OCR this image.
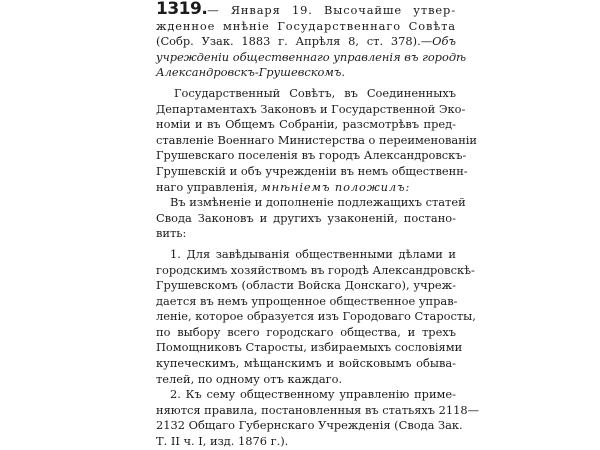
1319.— Января 19. Высочайше утвер-
жденное мнѣніе Государственнаго Совѣта
(Собр. Узак. 1883 г. Апрѣля 8, ст. 378).—Объ
учрежденіи общественнаго управленія въ городѣ
Александровскъ-Грушевскомъ.
Государственный Совѣтъ, въ Соединенныхъ
Департаментахъ Законовъ и Государственной Эко-
номіи и въ Общемъ Собраніи, разсмотрѣвъ пред-
ставленіе Военнаго Министерства о переименованіи
Грушевскаго поселенія въ городъ Александровскъ-
Грушевскій и объ учрежденіи въ немъ общественн-
наго управленія, мнѣніемъ положилъ:
Въ измѣненіе и дополненіе подлежащихъ статей
Свода Законовъ и другихъ узаконеній, постано-
вить:
1. Для завѣдыванія общественными дѣлами и
городскимъ хозяйствомъ въ городѣ Александровскѣ-
Грушевскомъ (области Войска Донскаго), учреж-
дается въ немъ упрощенное общественное управ-
леніе, которое образуется изъ Городоваго Старосты,
по выбору всего городскаго общества, и трехъ
Помощниковъ Старосты, избираемыхъ сословіями
купеческимъ, мѣщанскимъ и войсковымъ обыва-
телей, по одному отъ каждаго.
2. Къ сему общественному управленію приме-
няются правила, постановленныя въ статьяхъ 2118—
2132 Общаго Губернскаго Учрежденія (Свода Зак.
Т. II ч. I, изд. 1876 г.).
